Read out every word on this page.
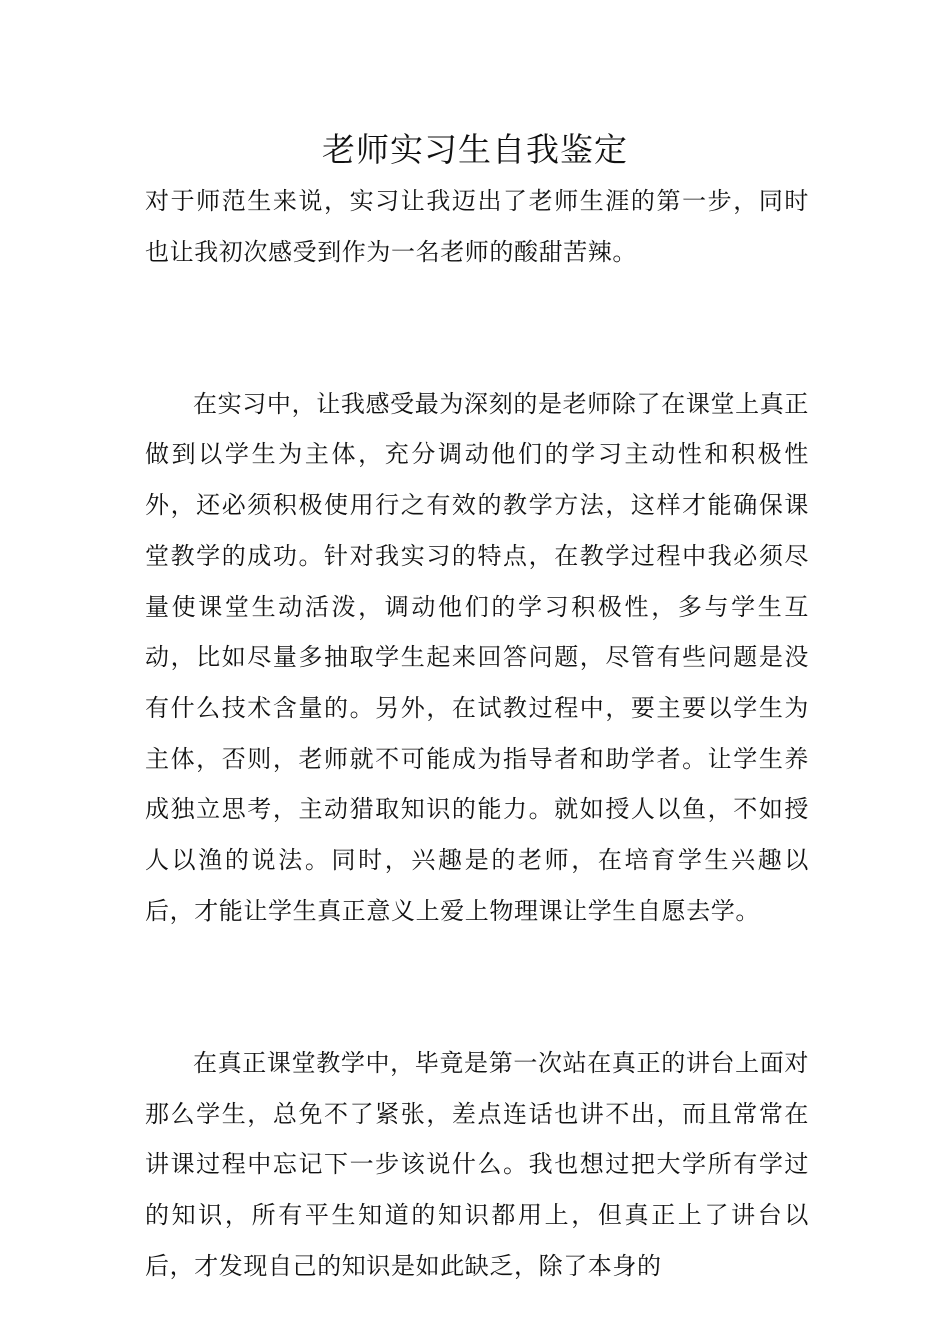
老师实习生自我鉴定

对于师范生来说，实习让我迈出了老师生涯的第一步，同时也让我初次感受到作为一名老师的酸甜苦辣。

在实习中，让我感受最为深刻的是老师除了在课堂上真正做到以学生为主体，充分调动他们的学习主动性和积极性外，还必须积极使用行之有效的教学方法，这样才能确保课堂教学的成功。针对我实习的特点，在教学过程中我必须尽量使课堂生动活泼，调动他们的学习积极性，多与学生互动，比如尽量多抽取学生起来回答问题，尽管有些问题是没有什么技术含量的。另外，在试教过程中，要主要以学生为主体，否则，老师就不可能成为指导者和助学者。让学生养成独立思考，主动猎取知识的能力。就如授人以鱼，不如授人以渔的说法。同时，兴趣是的老师，在培育学生兴趣以后，才能让学生真正意义上爱上物理课让学生自愿去学。

在真正课堂教学中，毕竟是第一次站在真正的讲台上面对那么学生，总免不了紧张，差点连话也讲不出，而且常常在讲课过程中忘记下一步该说什么。我也想过把大学所有学过的知识，所有平生知道的知识都用上，但真正上了讲台以后，才发现自己的知识是如此缺乏，除了本身的
